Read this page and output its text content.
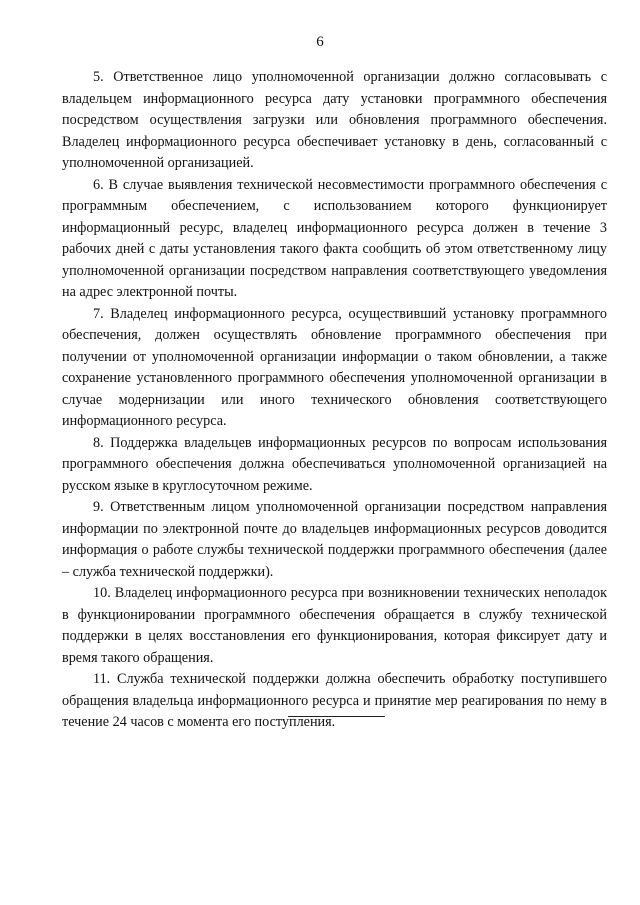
6

5. Ответственное лицо уполномоченной организации должно согласовывать с владельцем информационного ресурса дату установки программного обеспечения посредством осуществления загрузки или обновления программного обеспечения. Владелец информационного ресурса обеспечивает установку в день, согласованный с уполномоченной организацией.

6. В случае выявления технической несовместимости программного обеспечения с программным обеспечением, с использованием которого функционирует информационный ресурс, владелец информационного ресурса должен в течение 3 рабочих дней с даты установления такого факта сообщить об этом ответственному лицу уполномоченной организации посредством направления соответствующего уведомления на адрес электронной почты.

7. Владелец информационного ресурса, осуществивший установку программного обеспечения, должен осуществлять обновление программного обеспечения при получении от уполномоченной организации информации о таком обновлении, а также сохранение установленного программного обеспечения уполномоченной организации в случае модернизации или иного технического обновления соответствующего информационного ресурса.

8. Поддержка владельцев информационных ресурсов по вопросам использования программного обеспечения должна обеспечиваться уполномоченной организацией на русском языке в круглосуточном режиме.

9. Ответственным лицом уполномоченной организации посредством направления информации по электронной почте до владельцев информационных ресурсов доводится информация о работе службы технической поддержки программного обеспечения (далее – служба технической поддержки).

10. Владелец информационного ресурса при возникновении технических неполадок в функционировании программного обеспечения обращается в службу технической поддержки в целях восстановления его функционирования, которая фиксирует дату и время такого обращения.

11. Служба технической поддержки должна обеспечить обработку поступившего обращения владельца информационного ресурса и принятие мер реагирования по нему в течение 24 часов с момента его поступления.
